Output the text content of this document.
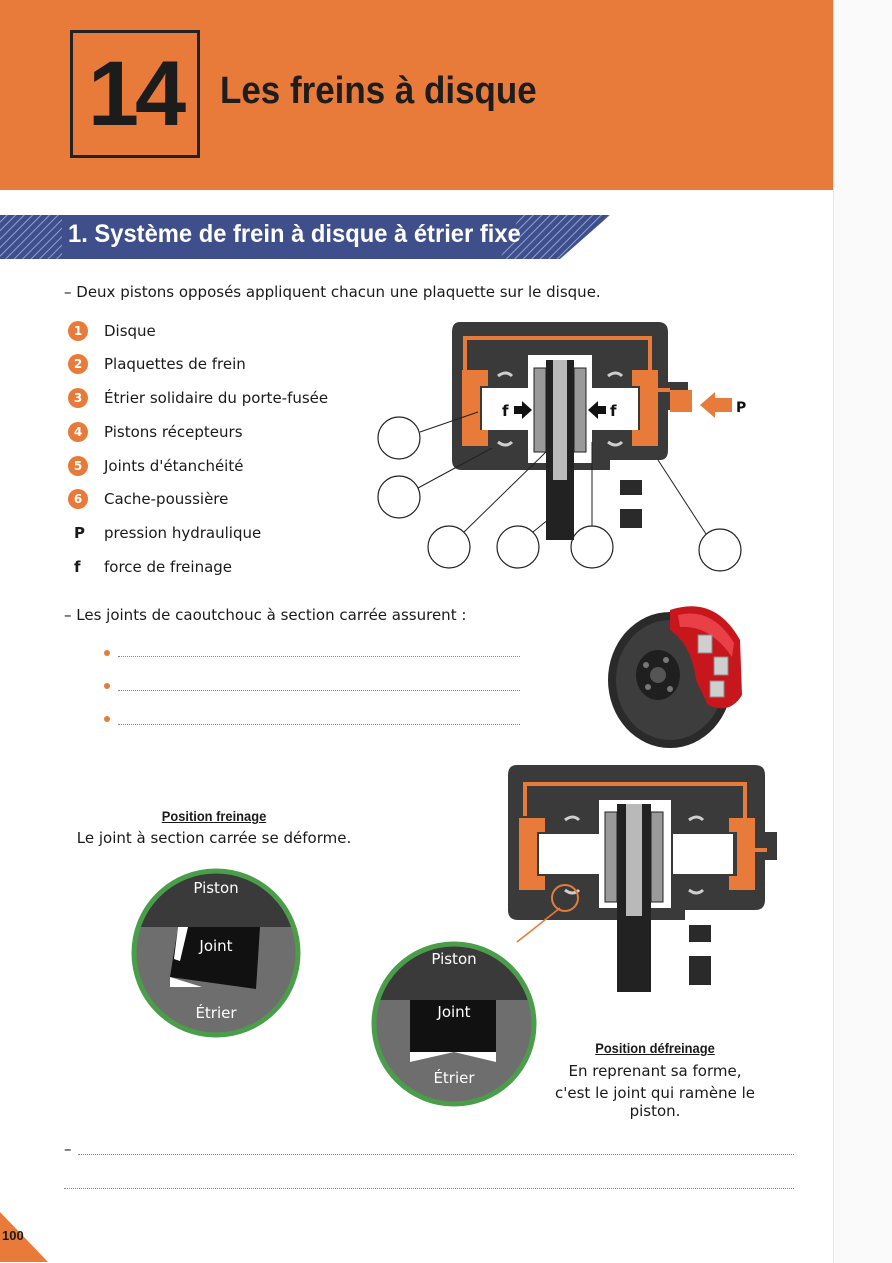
14 Les freins à disque
1. Système de frein à disque à étrier fixe
– Deux pistons opposés appliquent chacun une plaquette sur le disque.
1	Disque
2	Plaquettes de frein
3	Étrier solidaire du porte-fusée
4	Pistons récepteurs
5	Joints d'étanchéité
6	Cache-poussière
P pression hydraulique
f	force de freinage
f	f	P
– Les joints de caoutchouc à section carrée assurent :
Position freinage
Le joint à section carrée se déforme.
Piston
Joint
Étrier
Piston
Joint
Étrier
Position défreinage
En reprenant sa forme,
c'est le joint qui ramène le piston.
–
100
